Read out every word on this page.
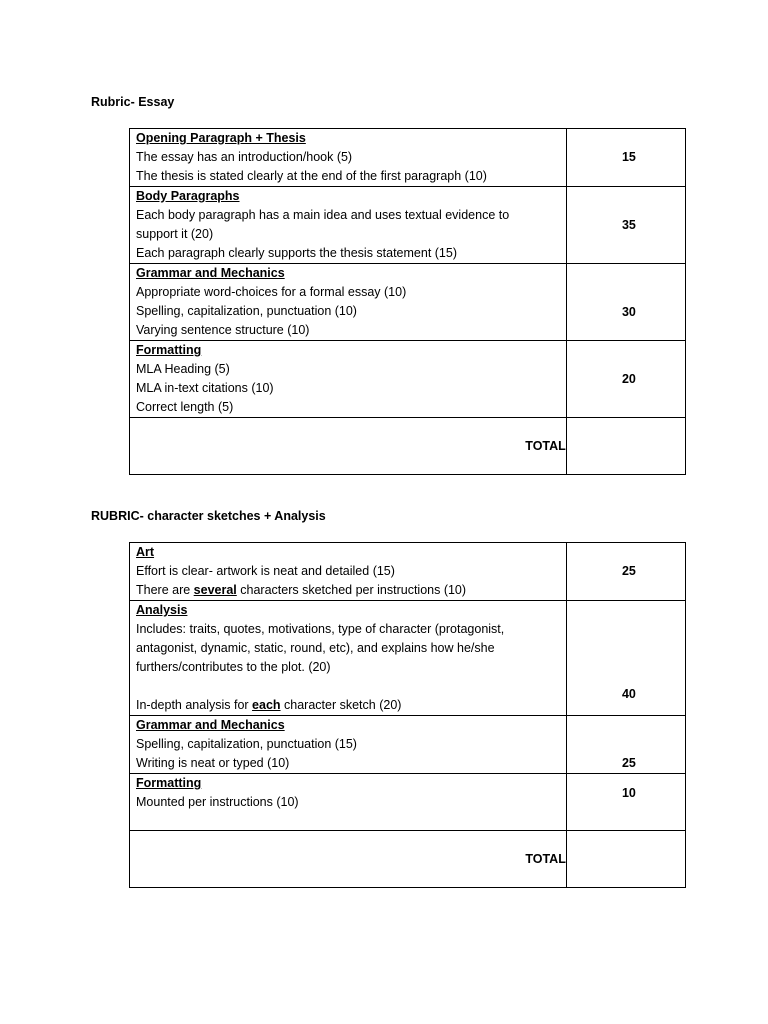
Rubric- Essay
Opening Paragraph + Thesis
The essay has an introduction/hook (5)
The thesis is stated clearly at the end of the first paragraph (10)	15

Body Paragraphs
Each body paragraph has a main idea and uses textual evidence to
support it (20)
Each paragraph clearly supports the thesis statement (15)	35

Grammar and Mechanics
Appropriate word-choices for a formal essay (10)
Spelling, capitalization, punctuation (10)
Varying sentence structure (10)	30

Formatting
MLA Heading (5)
MLA in-text citations (10)
Correct length (5)	20
TOTAL	
RUBRIC- character sketches + Analysis
Art
Effort is clear- artwork is neat and detailed (15)
There are several characters sketched per instructions (10)	25

Analysis
Includes: traits, quotes, motivations, type of character (protagonist,
antagonist, dynamic, static, round, etc), and explains how he/she
furthers/contributes to the plot. (20)
In-depth analysis for each character sketch (20)	40

Grammar and Mechanics
Spelling, capitalization, punctuation (15)
Writing is neat or typed (10)	25

Formatting
Mounted per instructions (10)	10
TOTAL	
